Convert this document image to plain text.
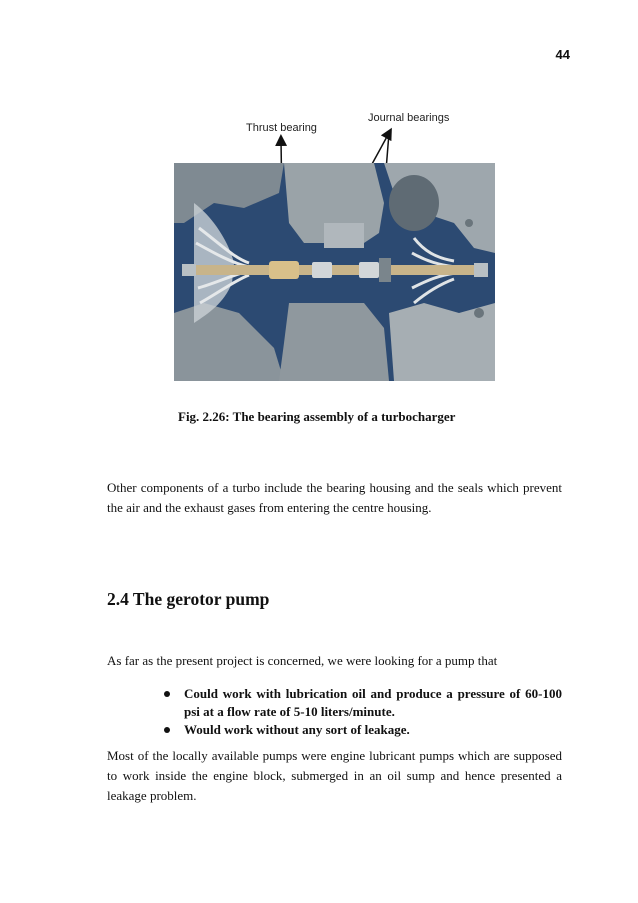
44
Thrust bearing
Journal bearings
Fig. 2.26: The bearing assembly of a turbocharger
Other components of a turbo include the bearing housing and the seals which prevent the air and the exhaust gases from entering the centre housing.
2.4 The gerotor pump
As far as the present project is concerned, we were looking for a pump that
Could work with lubrication oil and produce a pressure of 60-100 psi at a flow rate of 5-10 liters/minute.
Would work without any sort of leakage.
Most of the locally available pumps were engine lubricant pumps which are supposed to work inside the engine block, submerged in an oil sump and hence presented a leakage problem.
